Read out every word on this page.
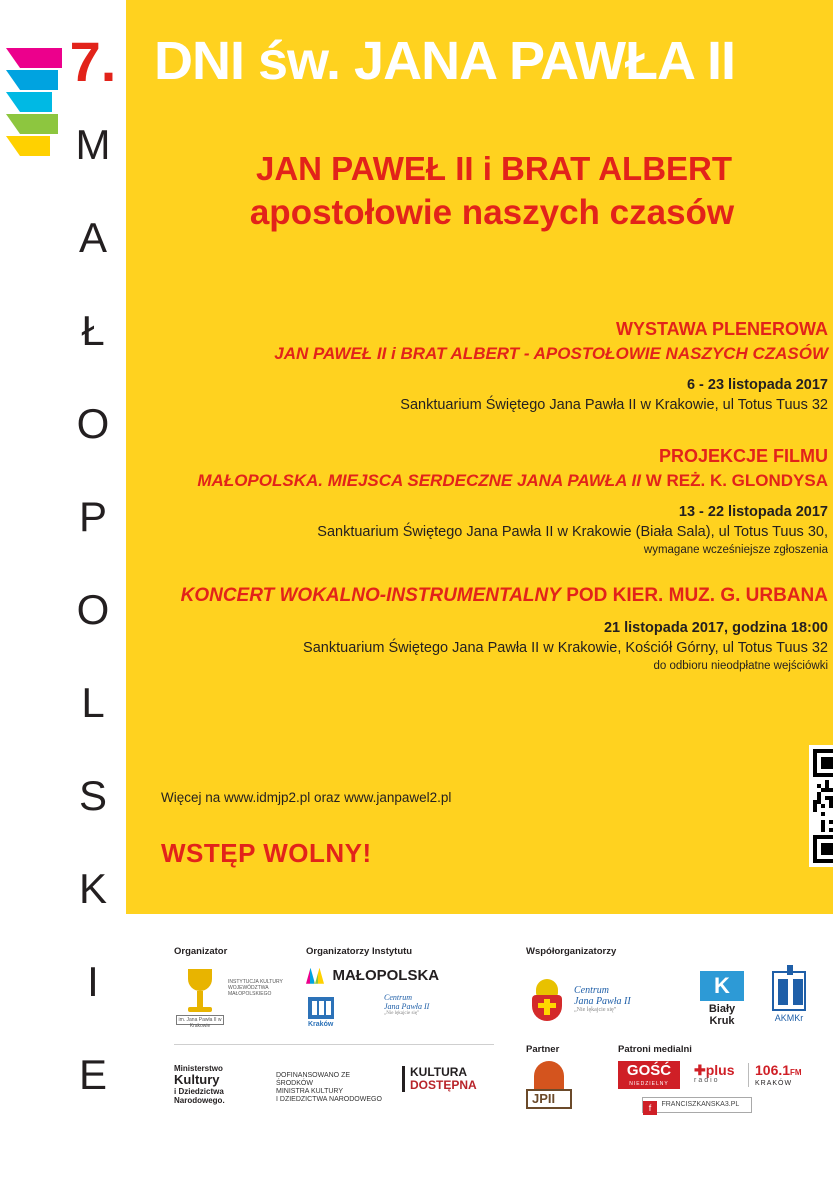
7.
M
A
Ł
O
P
O
L
S
K
I
E
DNI św. JANA PAWŁA II
JAN PAWEŁ II i BRAT ALBERT
apostołowie naszych czasów
WYSTAWA PLENEROWA
JAN PAWEŁ II i BRAT ALBERT - APOSTOŁOWIE NASZYCH CZASÓW
6 - 23 listopada 2017
Sanktuarium Świętego Jana Pawła II w Krakowie, ul Totus Tuus 32
PROJEKCJE FILMU
MAŁOPOLSKA. MIEJSCA SERDECZNE JANA PAWŁA II W REŻ. K. GLONDYSA
13 - 22 listopada 2017
Sanktuarium Świętego Jana Pawła II w Krakowie (Biała Sala), ul Totus Tuus 30,
wymagane wcześniejsze zgłoszenia
KONCERT WOKALNO-INSTRUMENTALNY POD KIER. MUZ. G. URBANA
21 listopada 2017, godzina 18:00
Sanktuarium Świętego Jana Pawła II w Krakowie, Kościół Górny, ul Totus Tuus 32
do odbioru nieodpłatne wejściówki
Więcej na www.idmjp2.pl oraz www.janpawel2.pl
WSTĘP WOLNY!
Organizator
im. Jana Pawła II w Krakowie
INSTYTUCJA KULTURY WOJEWÓDZTWA MAŁOPOLSKIEGO
Organizatorzy Instytutu
MAŁOPOLSKA
Kraków
Centrum
Jana Pawła II
„Nie lękajcie się”
Ministerstwo
Kultury
i Dziedzictwa
Narodowego.
DOFINANSOWANO ZE ŚRODKÓW
MINISTRA KULTURY
I DZIEDZICTWA NARODOWEGO
KULTURA
DOSTĘPNA
Współorganizatorzy
Centrum
Jana Pawła II
„Nie lękajcie się”
K
Biały
Kruk	AKMKr
Partner
JPII
Patroni medialni
GOŚĆ
NIEDZIELNY
✚plus
radio
106.1FM
KRAKÓW
f $^{FRANCISZKANSKA3.PL}$
